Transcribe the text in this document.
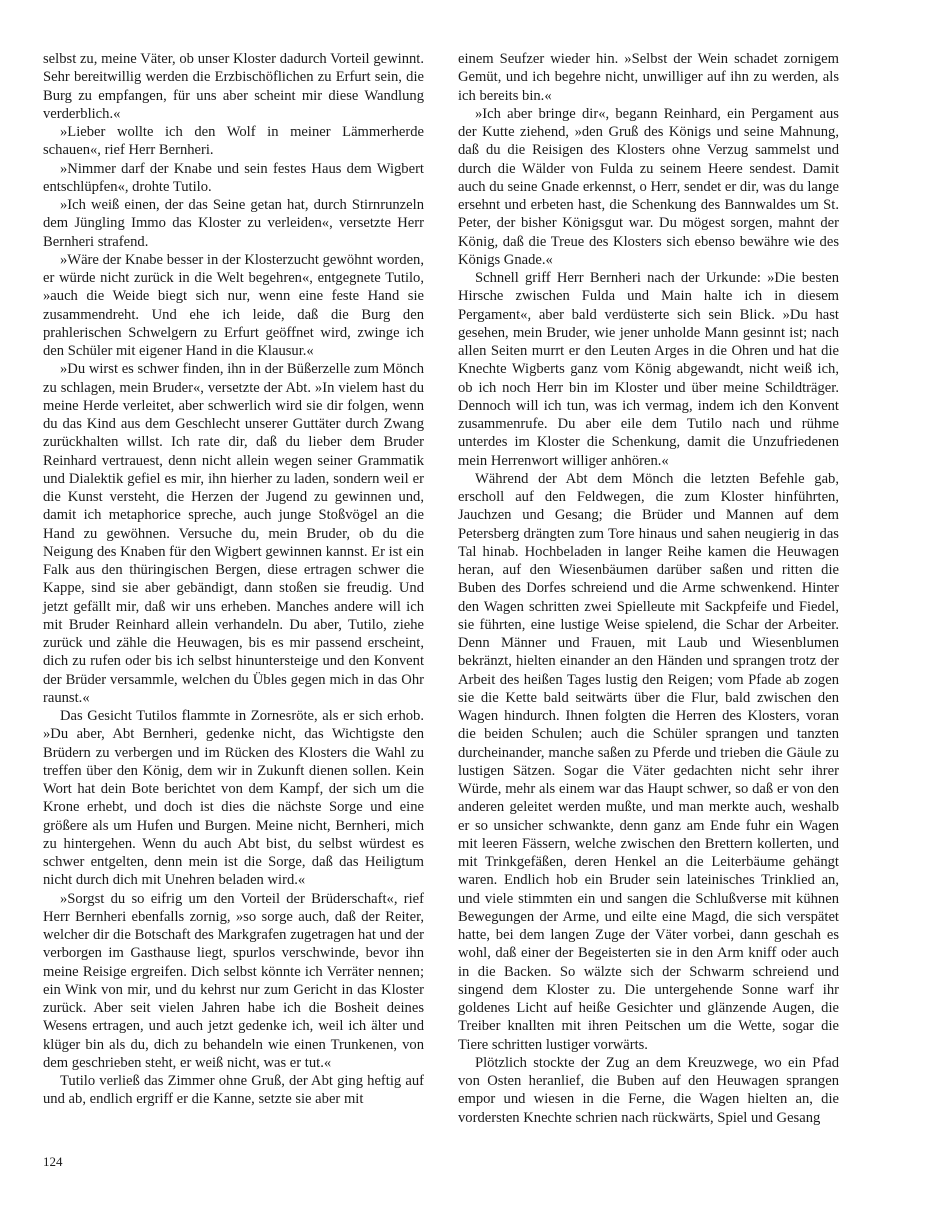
selbst zu, meine Väter, ob unser Kloster dadurch Vorteil gewinnt. Sehr bereitwillig werden die Erzbischöflichen zu Erfurt sein, die Burg zu empfangen, für uns aber scheint mir diese Wandlung verderblich.«

»Lieber wollte ich den Wolf in meiner Lämmerherde schauen«, rief Herr Bernheri.

»Nimmer darf der Knabe und sein festes Haus dem Wigbert entschlüpfen«, drohte Tutilo.

»Ich weiß einen, der das Seine getan hat, durch Stirnrunzeln dem Jüngling Immo das Kloster zu verleiden«, versetzte Herr Bernheri strafend.

»Wäre der Knabe besser in der Klosterzucht gewöhnt worden, er würde nicht zurück in die Welt begehren«, entgegnete Tutilo, »auch die Weide biegt sich nur, wenn eine feste Hand sie zusammendreht. Und ehe ich leide, daß die Burg den prahlerischen Schwelgern zu Erfurt geöffnet wird, zwinge ich den Schüler mit eigener Hand in die Klausur.«

»Du wirst es schwer finden, ihn in der Büßerzelle zum Mönch zu schlagen, mein Bruder«, versetzte der Abt. »In vielem hast du meine Herde verleitet, aber schwerlich wird sie dir folgen, wenn du das Kind aus dem Geschlecht unserer Guttäter durch Zwang zurückhalten willst. Ich rate dir, daß du lieber dem Bruder Reinhard vertrauest, denn nicht allein wegen seiner Grammatik und Dialektik gefiel es mir, ihn hierher zu laden, sondern weil er die Kunst versteht, die Herzen der Jugend zu gewinnen und, damit ich metaphorice spreche, auch junge Stoßvögel an die Hand zu gewöhnen. Versuche du, mein Bruder, ob du die Neigung des Knaben für den Wigbert gewinnen kannst. Er ist ein Falk aus den thüringischen Bergen, diese ertragen schwer die Kappe, sind sie aber gebändigt, dann stoßen sie freudig. Und jetzt gefällt mir, daß wir uns erheben. Manches andere will ich mit Bruder Reinhard allein verhandeln. Du aber, Tutilo, ziehe zurück und zähle die Heuwagen, bis es mir passend erscheint, dich zu rufen oder bis ich selbst hinuntersteige und den Konvent der Brüder versammle, welchen du Übles gegen mich in das Ohr raunst.«

Das Gesicht Tutilos flammte in Zornesröte, als er sich erhob. »Du aber, Abt Bernheri, gedenke nicht, das Wichtigste den Brüdern zu verbergen und im Rücken des Klosters die Wahl zu treffen über den König, dem wir in Zukunft dienen sollen. Kein Wort hat dein Bote berichtet von dem Kampf, der sich um die Krone erhebt, und doch ist dies die nächste Sorge und eine größere als um Hufen und Burgen. Meine nicht, Bernheri, mich zu hintergehen. Wenn du auch Abt bist, du selbst würdest es schwer entgelten, denn mein ist die Sorge, daß das Heiligtum nicht durch dich mit Unehren beladen wird.«

»Sorgst du so eifrig um den Vorteil der Brüderschaft«, rief Herr Bernheri ebenfalls zornig, »so sorge auch, daß der Reiter, welcher dir die Botschaft des Markgrafen zugetragen hat und der verborgen im Gasthause liegt, spurlos verschwinde, bevor ihn meine Reisige ergreifen. Dich selbst könnte ich Verräter nennen; ein Wink von mir, und du kehrst nur zum Gericht in das Kloster zurück. Aber seit vielen Jahren habe ich die Bosheit deines Wesens ertragen, und auch jetzt gedenke ich, weil ich älter und klüger bin als du, dich zu behandeln wie einen Trunkenen, von dem geschrieben steht, er weiß nicht, was er tut.«

Tutilo verließ das Zimmer ohne Gruß, der Abt ging heftig auf und ab, endlich ergriff er die Kanne, setzte sie aber mit

einem Seufzer wieder hin. »Selbst der Wein schadet zornigem Gemüt, und ich begehre nicht, unwilliger auf ihn zu werden, als ich bereits bin.«

»Ich aber bringe dir«, begann Reinhard, ein Pergament aus der Kutte ziehend, »den Gruß des Königs und seine Mahnung, daß du die Reisigen des Klosters ohne Verzug sammelst und durch die Wälder von Fulda zu seinem Heere sendest. Damit auch du seine Gnade erkennst, o Herr, sendet er dir, was du lange ersehnt und erbeten hast, die Schenkung des Bannwaldes um St. Peter, der bisher Königsgut war. Du mögest sorgen, mahnt der König, daß die Treue des Klosters sich ebenso bewähre wie des Königs Gnade.«

Schnell griff Herr Bernheri nach der Urkunde: »Die besten Hirsche zwischen Fulda und Main halte ich in diesem Pergament«, aber bald verdüsterte sich sein Blick. »Du hast gesehen, mein Bruder, wie jener unholde Mann gesinnt ist; nach allen Seiten murrt er den Leuten Arges in die Ohren und hat die Knechte Wigberts ganz vom König abgewandt, nicht weiß ich, ob ich noch Herr bin im Kloster und über meine Schildträger. Dennoch will ich tun, was ich vermag, indem ich den Konvent zusammenrufe. Du aber eile dem Tutilo nach und rühme unterdes im Kloster die Schenkung, damit die Unzufriedenen mein Herrenwort williger anhören.«

Während der Abt dem Mönch die letzten Befehle gab, erscholl auf den Feldwegen, die zum Kloster hinführten, Jauchzen und Gesang; die Brüder und Mannen auf dem Petersberg drängten zum Tore hinaus und sahen neugierig in das Tal hinab. Hochbeladen in langer Reihe kamen die Heuwagen heran, auf den Wiesenbäumen darüber saßen und ritten die Buben des Dorfes schreiend und die Arme schwenkend. Hinter den Wagen schritten zwei Spielleute mit Sackpfeife und Fiedel, sie führten, eine lustige Weise spielend, die Schar der Arbeiter. Denn Männer und Frauen, mit Laub und Wiesenblumen bekränzt, hielten einander an den Händen und sprangen trotz der Arbeit des heißen Tages lustig den Reigen; vom Pfade ab zogen sie die Kette bald seitwärts über die Flur, bald zwischen den Wagen hindurch. Ihnen folgten die Herren des Klosters, voran die beiden Schulen; auch die Schüler sprangen und tanzten durcheinander, manche saßen zu Pferde und trieben die Gäule zu lustigen Sätzen. Sogar die Väter gedachten nicht sehr ihrer Würde, mehr als einem war das Haupt schwer, so daß er von den anderen geleitet werden mußte, und man merkte auch, weshalb er so unsicher schwankte, denn ganz am Ende fuhr ein Wagen mit leeren Fässern, welche zwischen den Brettern kollerten, und mit Trinkgefäßen, deren Henkel an die Leiterbäume gehängt waren. Endlich hob ein Bruder sein lateinisches Trinklied an, und viele stimmten ein und sangen die Schlußverse mit kühnen Bewegungen der Arme, und eilte eine Magd, die sich verspätet hatte, bei dem langen Zuge der Väter vorbei, dann geschah es wohl, daß einer der Begeisterten sie in den Arm kniff oder auch in die Backen. So wälzte sich der Schwarm schreiend und singend dem Kloster zu. Die untergehende Sonne warf ihr goldenes Licht auf heiße Gesichter und glänzende Augen, die Treiber knallten mit ihren Peitschen um die Wette, sogar die Tiere schritten lustiger vorwärts.

Plötzlich stockte der Zug an dem Kreuzwege, wo ein Pfad von Osten heranlief, die Buben auf den Heuwagen sprangen empor und wiesen in die Ferne, die Wagen hielten an, die vordersten Knechte schrien nach rückwärts, Spiel und Gesang

124
